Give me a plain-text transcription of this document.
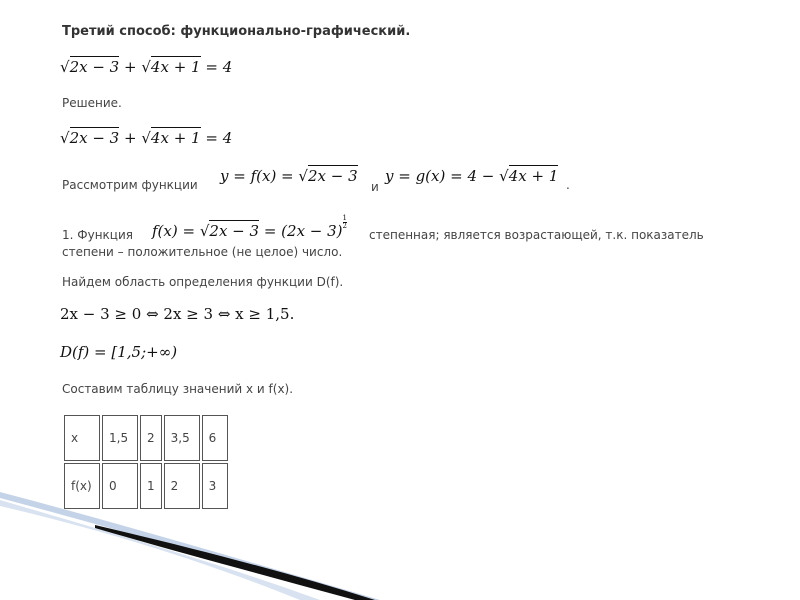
Третий способ: функционально-графический.
√2x − 3 + √4x + 1 = 4
Решение.
√2x − 3 + √4x + 1 = 4
Рассмотрим функции y = f(x) = √2x − 3
и
y = g(x) = 4 − √4x + 1 .
1. Функция $f(x) = √2x - 3 = (2x - 3) \frac{1}{2}$
степенная; является возрастающей, т.к. показатель
степени – положительное (не целое) число.
Найдем область определения функции D(f).
2x − 3 ≥ 0 ⇔ 2x ≥ 3 ⇔ x ≥ 1,5.
D(f) = [1,5;+∞)
Составим таблицу значений x и f(x).
x	1,5	2	3,5	6
f(x)	0	1	2	3
